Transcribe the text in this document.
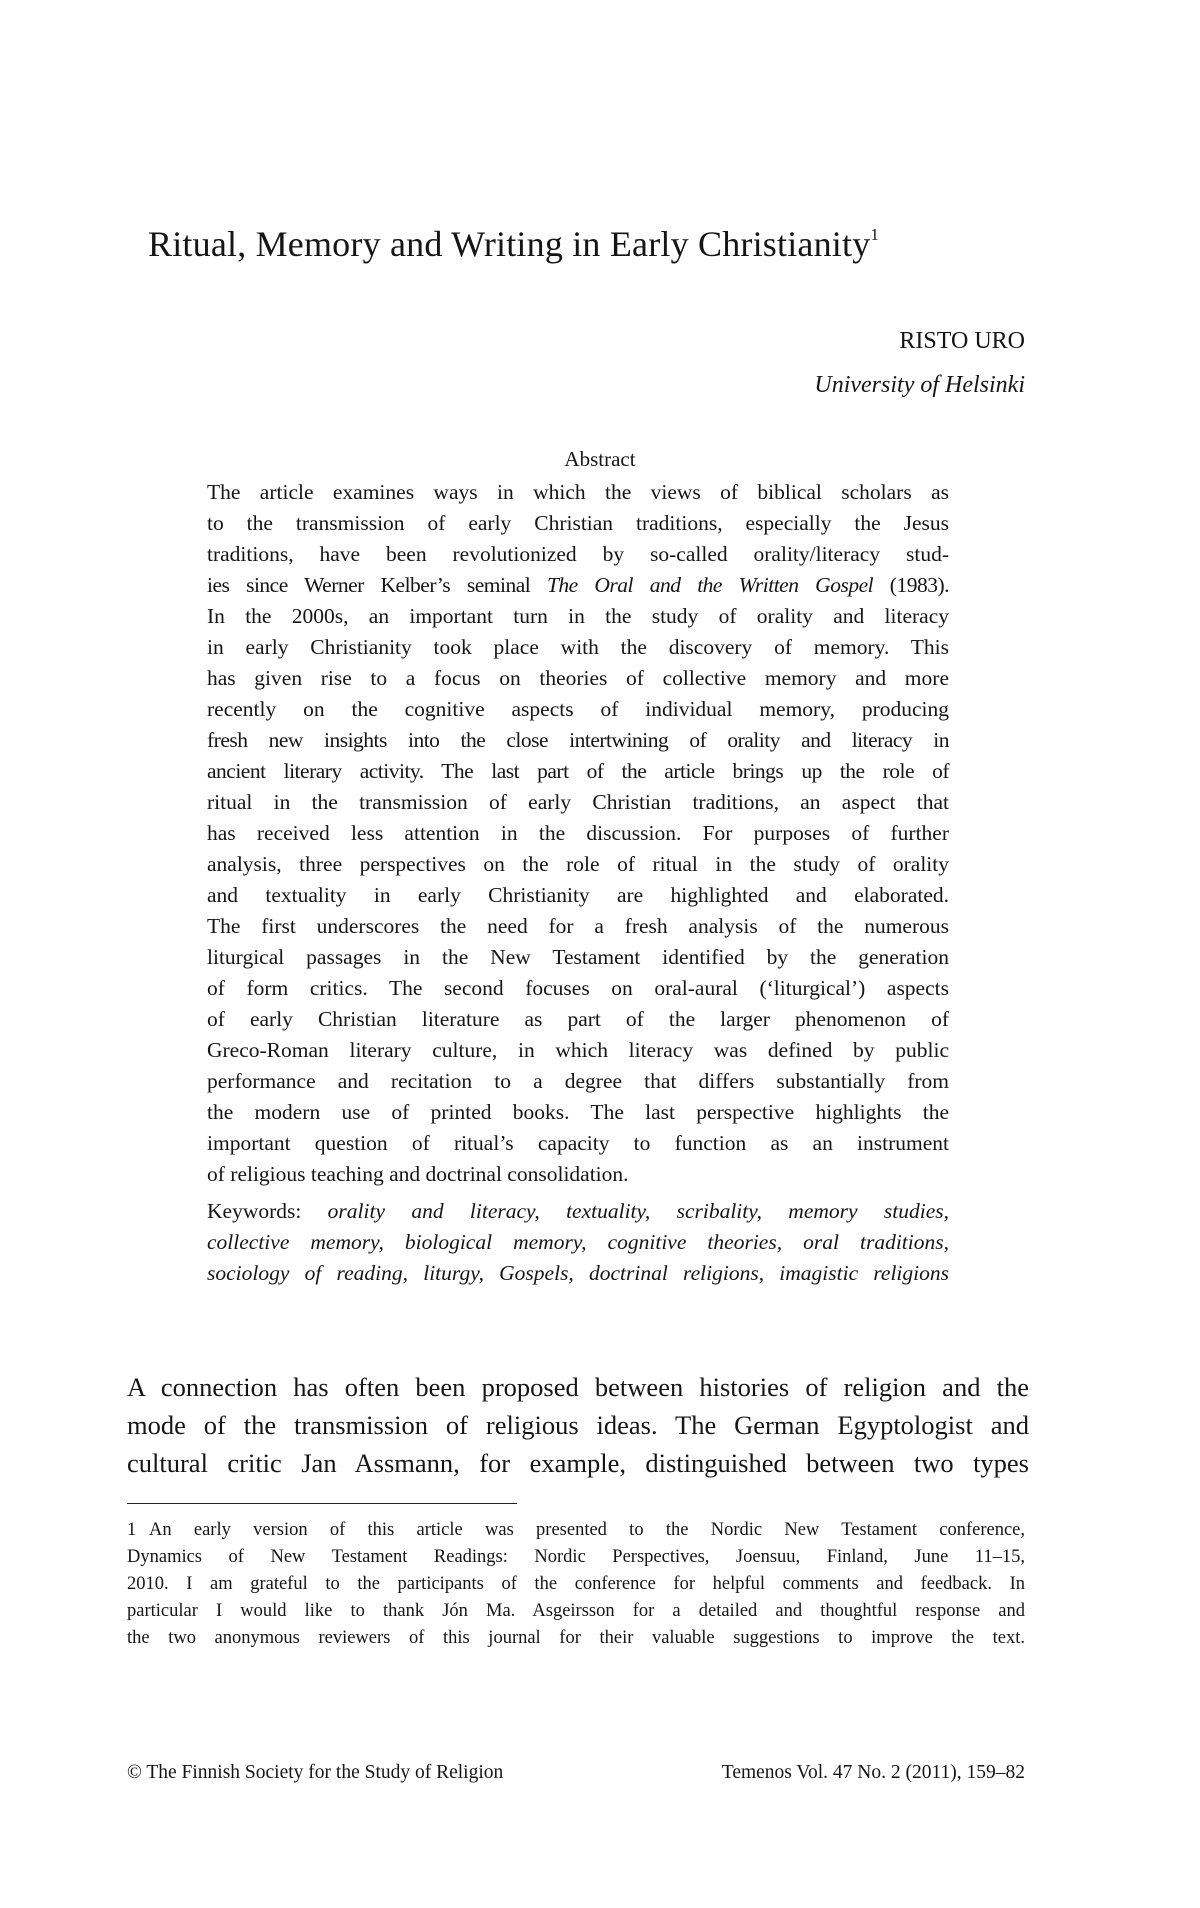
Ritual, Memory and Writing in Early Christianity$^1$
RISTO URO
University of Helsinki
Abstract
The article examines ways in which the views of biblical scholars as
to the transmission of early Christian traditions, especially the Jesus
traditions, have been revolutionized by so-called orality/literacy stud-
ies since Werner Kelber’s seminal The Oral and the Written Gospel (1983).
In the 2000s, an important turn in the study of orality and literacy
in early Christianity took place with the discovery of memory. This
has given rise to a focus on theories of collective memory and more
recently on the cognitive aspects of individual memory, producing
fresh new insights into the close intertwining of orality and literacy in
ancient literary activity. The last part of the article brings up the role of
ritual in the transmission of early Christian traditions, an aspect that
has received less attention in the discussion. For purposes of further
analysis, three perspectives on the role of ritual in the study of orality
and textuality in early Christianity are highlighted and elaborated.
The first underscores the need for a fresh analysis of the numerous
liturgical passages in the New Testament identified by the generation
of form critics. The second focuses on oral-aural (‘liturgical’) aspects
of early Christian literature as part of the larger phenomenon of
Greco-Roman literary culture, in which literacy was defined by public
performance and recitation to a degree that differs substantially from
the modern use of printed books. The last perspective highlights the
important question of ritual’s capacity to function as an instrument
of religious teaching and doctrinal consolidation.
Keywords: orality and literacy, textuality, scribality, memory studies,
collective memory, biological memory, cognitive theories, oral traditions,
sociology of reading, liturgy, Gospels, doctrinal religions, imagistic religions
A connection has often been proposed between histories of religion and the
mode of the transmission of religious ideas. The German Egyptologist and
cultural critic Jan Assmann, for example, distinguished between two types
1 An early version of this article was presented to the Nordic New Testament conference,
Dynamics of New Testament Readings: Nordic Perspectives, Joensuu, Finland, June 11–15,
2010. I am grateful to the participants of the conference for helpful comments and feedback. In
particular I would like to thank Jón Ma. Asgeirsson for a detailed and thoughtful response and
the two anonymous reviewers of this journal for their valuable suggestions to improve the text.
© The Finnish Society for the Study of Religion	Temenos Vol. 47 No. 2 (2011), 159–82
